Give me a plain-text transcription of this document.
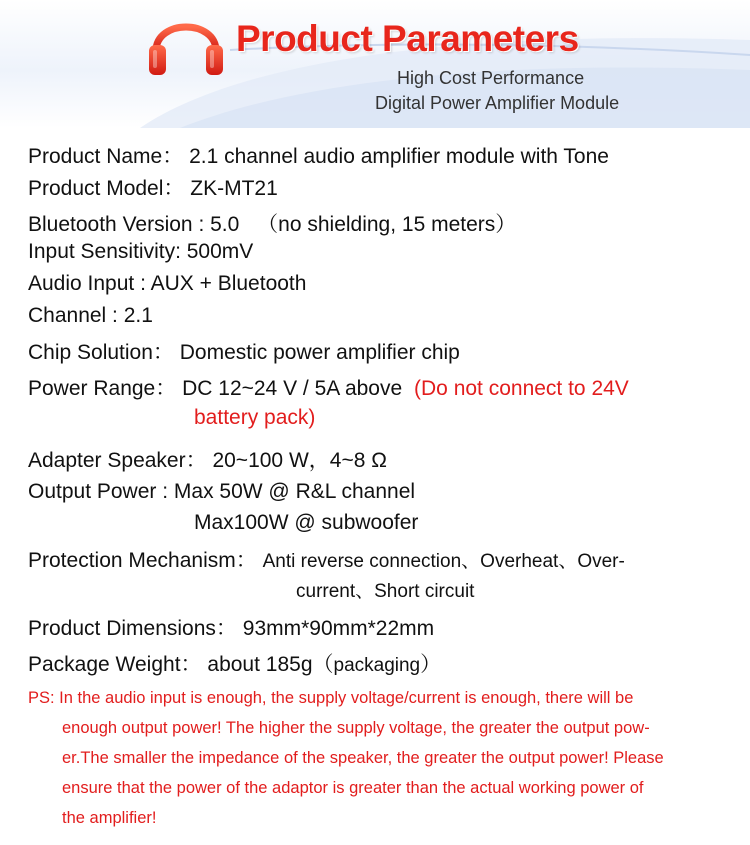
Product Parameters
High Cost Performance
Digital Power Amplifier Module
Product Name： 2.1 channel audio amplifier module with Tone
Product Model： ZK-MT21
Bluetooth Version : 5.0 （no shielding, 15 meters）
Input Sensitivity: 500mV
Audio Input : AUX + Bluetooth
Channel : 2.1
Chip Solution： Domestic power amplifier chip
Power Range： DC 12~24 V / 5A above (Do not connect to 24V
battery pack)
Adapter Speaker： 20~100 W，4~8 Ω
Output Power : Max 50W @ R&L channel
Max100W @ subwoofer
Protection Mechanism： Anti reverse connection、Overheat、Over-
current、Short circuit
Product Dimensions： 93mm*90mm*22mm
Package Weight： about 185g（packaging）
PS: In the audio input is enough, the supply voltage/current is enough, there will be
enough output power! The higher the supply voltage, the greater the output pow-
er.The smaller the impedance of the speaker, the greater the output power! Please
ensure that the power of the adaptor is greater than the actual working power of
the amplifier!
